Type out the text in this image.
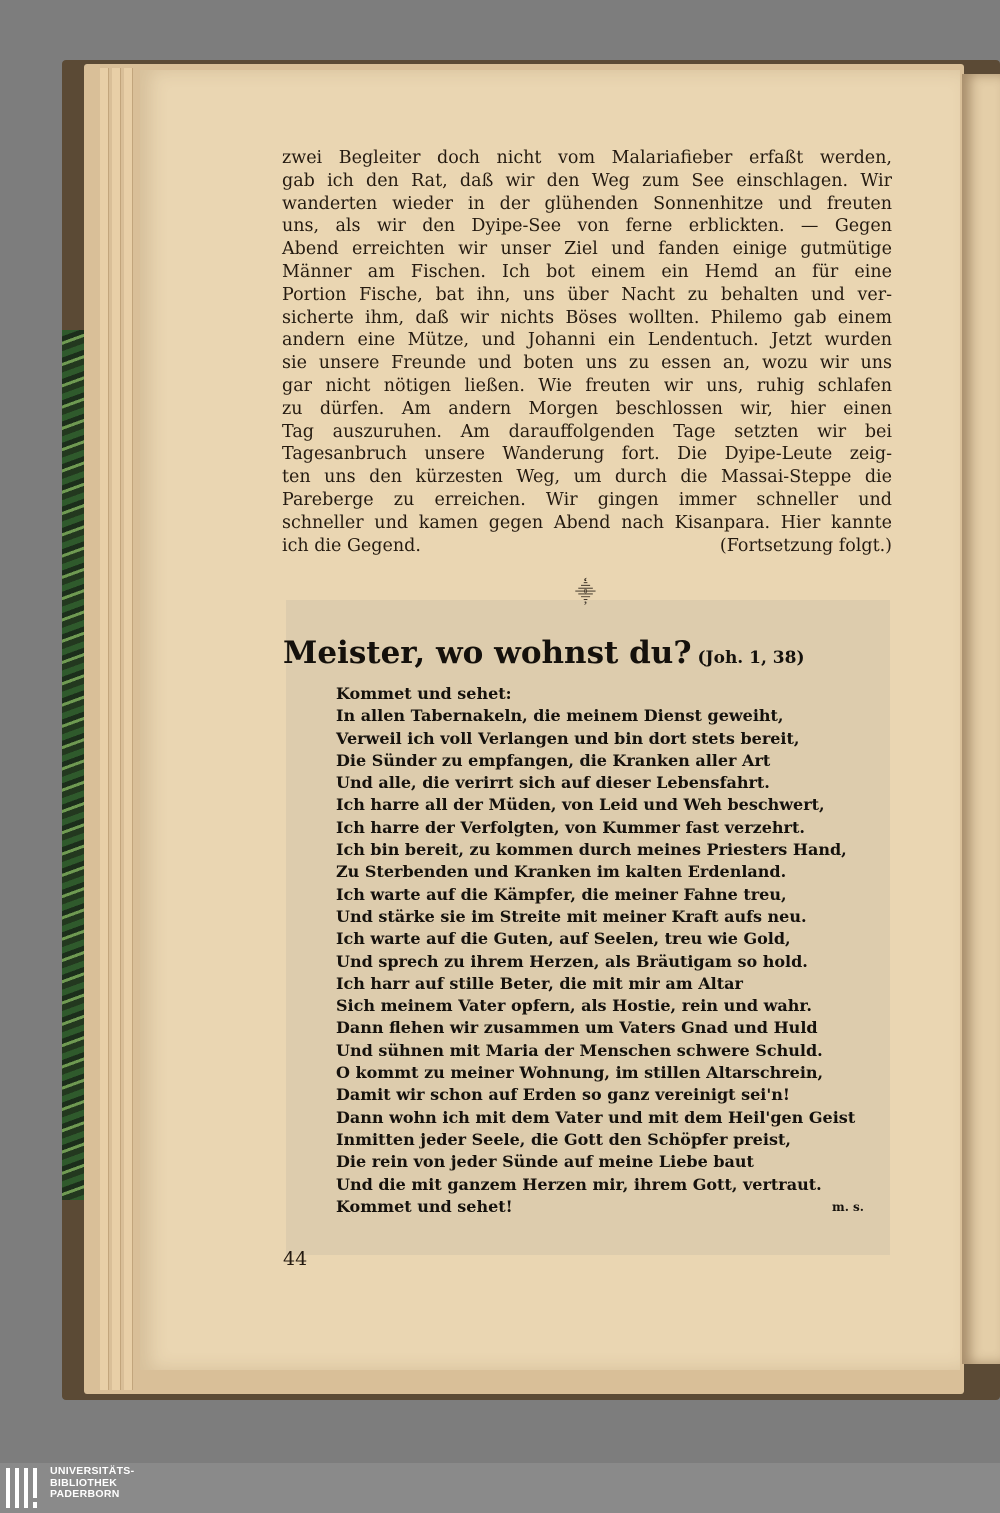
zwei Begleiter doch nicht vom Malariafieber erfaßt werden,
gab ich den Rat, daß wir den Weg zum See einschlagen. Wir
wanderten wieder in der glühenden Sonnenhitze und freuten
uns, als wir den Dyipe-See von ferne erblickten. — Gegen
Abend erreichten wir unser Ziel und fanden einige gutmütige
Männer am Fischen. Ich bot einem ein Hemd an für eine
Portion Fische, bat ihn, uns über Nacht zu behalten und ver-
sicherte ihm, daß wir nichts Böses wollten. Philemo gab einem
andern eine Mütze, und Johanni ein Lendentuch. Jetzt wurden
sie unsere Freunde und boten uns zu essen an, wozu wir uns
gar nicht nötigen ließen. Wie freuten wir uns, ruhig schlafen
zu dürfen. Am andern Morgen beschlossen wir, hier einen
Tag auszuruhen. Am darauffolgenden Tage setzten wir bei
Tagesanbruch unsere Wanderung fort. Die Dyipe-Leute zeig-
ten uns den kürzesten Weg, um durch die Massai-Steppe die
Pareberge zu erreichen. Wir gingen immer schneller und
schneller und kamen gegen Abend nach Kisanpara. Hier kannte
ich die Gegend.	(Fortsetzung folgt.)
⸎
Meister, wo wohnst du? (Joh. 1, 38)
Kommet und sehet:
In allen Tabernakeln, die meinem Dienst geweiht,
Verweil ich voll Verlangen und bin dort stets bereit,
Die Sünder zu empfangen, die Kranken aller Art
Und alle, die verirrt sich auf dieser Lebensfahrt.
Ich harre all der Müden, von Leid und Weh beschwert,
Ich harre der Verfolgten, von Kummer fast verzehrt.
Ich bin bereit, zu kommen durch meines Priesters Hand,
Zu Sterbenden und Kranken im kalten Erdenland.
Ich warte auf die Kämpfer, die meiner Fahne treu,
Und stärke sie im Streite mit meiner Kraft aufs neu.
Ich warte auf die Guten, auf Seelen, treu wie Gold,
Und sprech zu ihrem Herzen, als Bräutigam so hold.
Ich harr auf stille Beter, die mit mir am Altar
Sich meinem Vater opfern, als Hostie, rein und wahr.
Dann flehen wir zusammen um Vaters Gnad und Huld
Und sühnen mit Maria der Menschen schwere Schuld.
O kommt zu meiner Wohnung, im stillen Altarschrein,
Damit wir schon auf Erden so ganz vereinigt sei'n!
Dann wohn ich mit dem Vater und mit dem Heil'gen Geist
Inmitten jeder Seele, die Gott den Schöpfer preist,
Die rein von jeder Sünde auf meine Liebe baut
Und die mit ganzem Herzen mir, ihrem Gott, vertraut.
Kommet und sehet!	m. s.
44
UNIVERSITÄTS-
BIBLIOTHEK
PADERBORN
